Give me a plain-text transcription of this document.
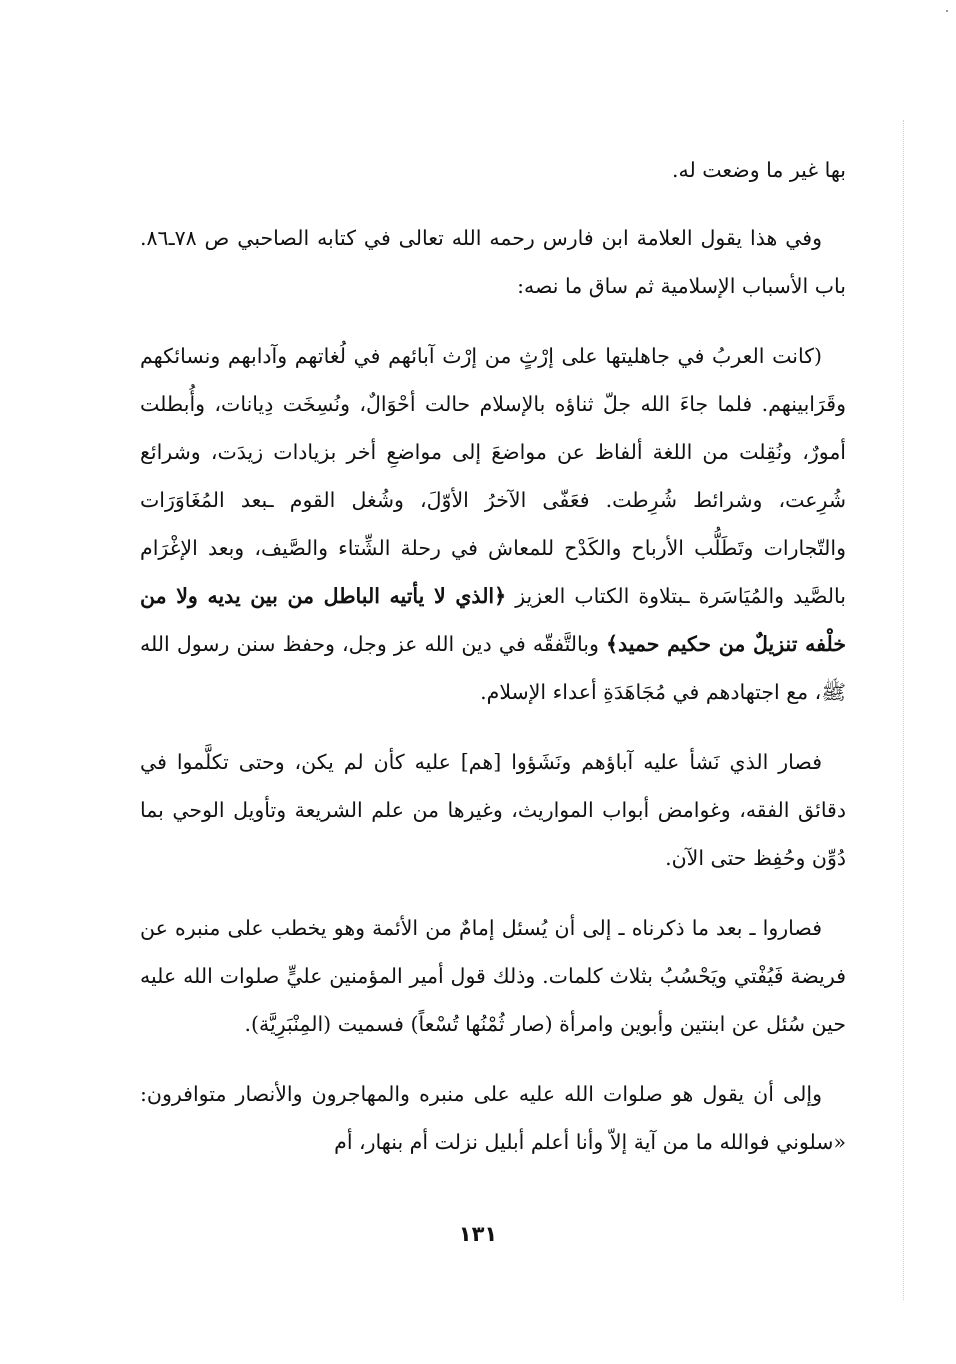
بها غير ما وضعت له.

وفي هذا يقول العلامة ابن فارس رحمه الله تعالى في كتابه الصاحبي ص ٧٨ـ٨٦. باب الأسباب الإسلامية ثم ساق ما نصه:

(كانت العربُ في جاهليتها على إرْثٍ من إرْث آبائهم في لُغاتهم وآدابهم ونسائكهم وقَرَابينهم. فلما جاءَ الله جلّ ثناؤه بالإسلام حالت أحْوَالٌ، ونُسِخَت دِيانات، وأُبطلت أمورٌ، ونُقِلت من اللغة ألفاظ عن مواضعَ إلى مواضعِ أخر بزيادات زيدَت، وشرائع شُرِعت، وشرائط شُرِطت. فعَفّى الآخرُ الأوّلَ، وشُغل القوم ـبعد المُغَاوَرَات والتّجارات وتَطَلُّب الأرباح والكَدْح للمعاش في رحلة الشِّتاء والصَّيف، وبعد الإغْرَام بالصَّيد والمُيَاسَرة ـبتلاوة الكتاب العزيز ﴿الذي لا يأتيه الباطل من بين يديه ولا من خلْفه تنزيلٌ من حكيم حميد﴾ وبالتَّفقّه في دين الله عز وجل، وحفظ سنن رسول الله ﷺ، مع اجتهادهم في مُجَاهَدَةِ أعداء الإسلام.

فصار الذي نَشأ عليه آباؤهم ونَشَؤوا [هم] عليه كأن لم يكن، وحتى تكلَّموا في دقائق الفقه، وغوامض أبواب المواريث، وغيرها من علم الشريعة وتأويل الوحي بما دُوِّن وحُفِظ حتى الآن.

فصاروا ـ بعد ما ذكرناه ـ إلى أن يُسئل إمامٌ من الأئمة وهو يخطب على منبره عن فريضة فَيُفْتي ويَحْسُبُ بثلاث كلمات. وذلك قول أمير المؤمنين عليٍّ صلوات الله عليه حين سُئل عن ابنتين وأبوين وامرأة (صار ثُمْنُها تُسْعاً) فسميت (المِنْبَرِيَّة).

وإلى أن يقول هو صلوات الله عليه على منبره والمهاجرون والأنصار متوافرون: «سلوني فوالله ما من آية إلاّ وأنا أعلم أبليل نزلت أم بنهار، أم

١٣١
